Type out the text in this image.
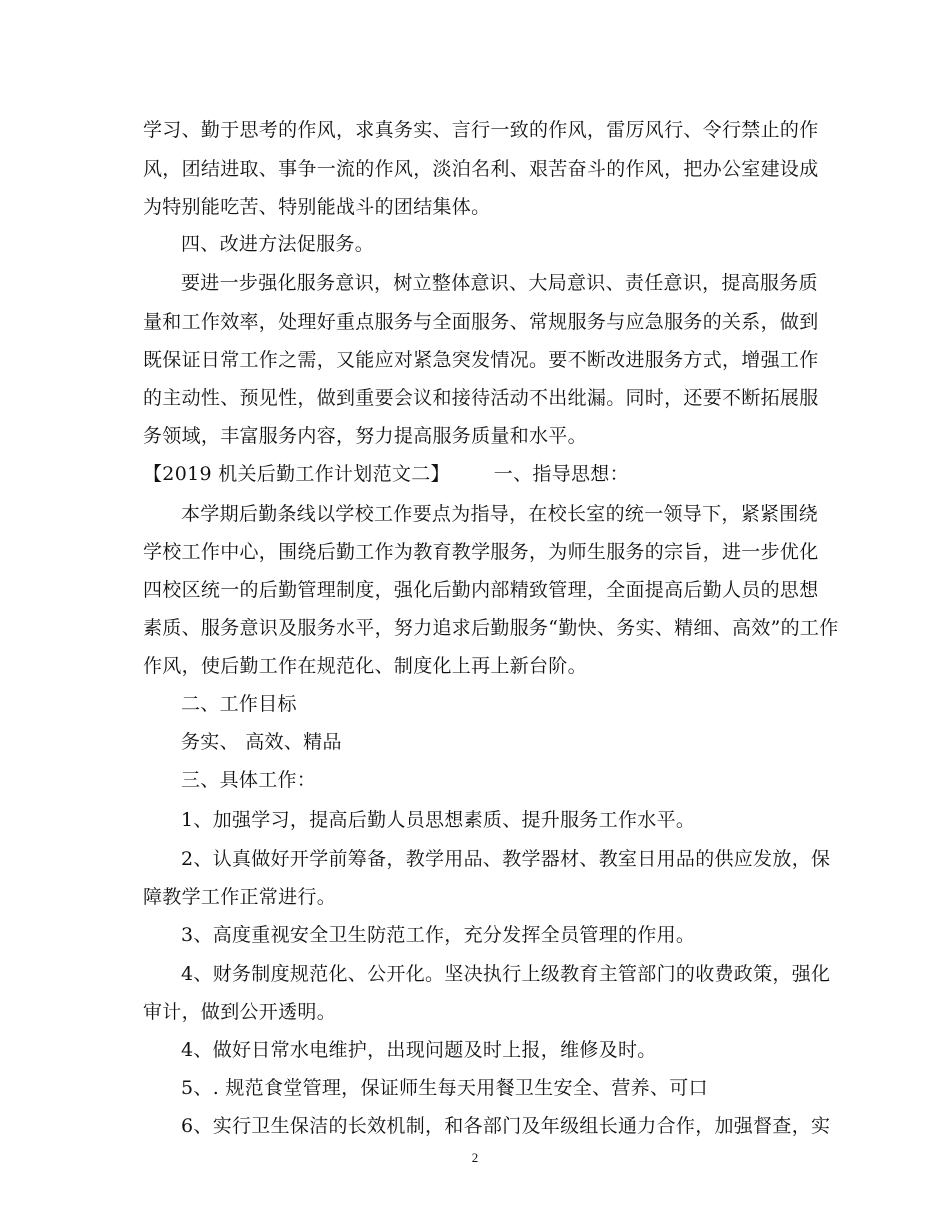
学习、勤于思考的作风，求真务实、言行一致的作风，雷厉风行、令行禁止的作
风，团结进取、事争一流的作风，淡泊名利、艰苦奋斗的作风，把办公室建设成
为特别能吃苦、特别能战斗的团结集体。
四、改进方法促服务。
要进一步强化服务意识，树立整体意识、大局意识、责任意识，提高服务质
量和工作效率，处理好重点服务与全面服务、常规服务与应急服务的关系，做到
既保证日常工作之需，又能应对紧急突发情况。要不断改进服务方式，增强工作
的主动性、预见性，做到重要会议和接待活动不出纰漏。同时，还要不断拓展服
务领域，丰富服务内容，努力提高服务质量和水平。
【2019 机关后勤工作计划范文二】 一、指导思想：
本学期后勤条线以学校工作要点为指导，在校长室的统一领导下，紧紧围绕
学校工作中心，围绕后勤工作为教育教学服务，为师生服务的宗旨，进一步优化
四校区统一的后勤管理制度，强化后勤内部精致管理，全面提高后勤人员的思想
素质、服务意识及服务水平，努力追求后勤服务“勤快、务实、精细、高效”的工作
作风，使后勤工作在规范化、制度化上再上新台阶。
二、工作目标
务实、 高效、精品
三、具体工作：
1、加强学习，提高后勤人员思想素质、提升服务工作水平。
2、认真做好开学前筹备，教学用品、教学器材、教室日用品的供应发放，保
障教学工作正常进行。
3、高度重视安全卫生防范工作，充分发挥全员管理的作用。
4、财务制度规范化、公开化。坚决执行上级教育主管部门的收费政策，强化
审计，做到公开透明。
4、做好日常水电维护，出现问题及时上报，维修及时。
5、. 规范食堂管理，保证师生每天用餐卫生安全、营养、可口
6、实行卫生保洁的长效机制，和各部门及年级组长通力合作，加强督查，实
2
